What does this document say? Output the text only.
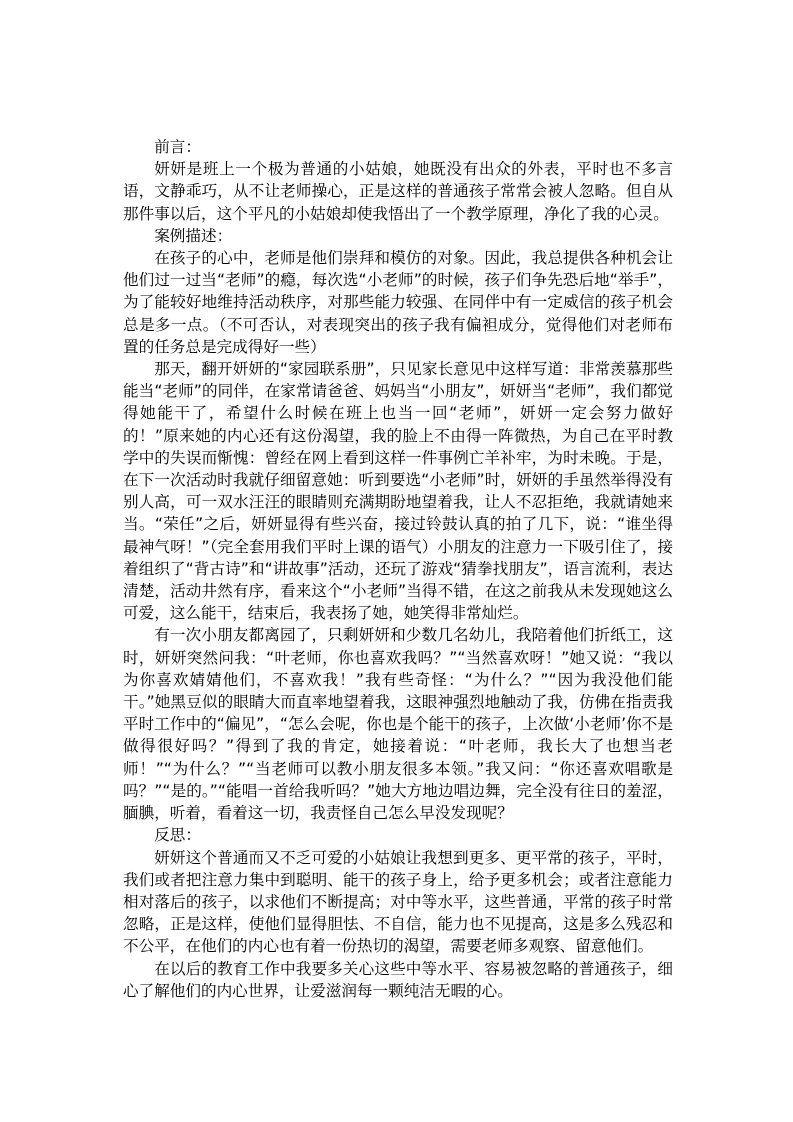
前言：

妍妍是班上一个极为普通的小姑娘，她既没有出众的外表，平时也不多言语，文静乖巧，从不让老师操心，正是这样的普通孩子常常会被人忽略。但自从那件事以后，这个平凡的小姑娘却使我悟出了一个教学原理，净化了我的心灵。

案例描述：

在孩子的心中，老师是他们崇拜和模仿的对象。因此，我总提供各种机会让他们过一过当“老师”的瘾，每次选“小老师”的时候，孩子们争先恐后地“举手”，为了能较好地维持活动秩序，对那些能力较强、在同伴中有一定威信的孩子机会总是多一点。（不可否认，对表现突出的孩子我有偏袒成分，觉得他们对老师布置的任务总是完成得好一些）

那天，翻开妍妍的“家园联系册”，只见家长意见中这样写道：非常羡慕那些能当“老师”的同伴，在家常请爸爸、妈妈当“小朋友”，妍妍当“老师”，我们都觉得她能干了，希望什么时候在班上也当一回“老师”，妍妍一定会努力做好的！”原来她的内心还有这份渴望，我的脸上不由得一阵微热，为自己在平时教学中的失误而惭愧：曾经在网上看到这样一件事例亡羊补牢，为时未晚。于是，在下一次活动时我就仔细留意她：听到要选“小老师”时，妍妍的手虽然举得没有别人高，可一双水汪汪的眼睛则充满期盼地望着我，让人不忍拒绝，我就请她来当。“荣任”之后，妍妍显得有些兴奋，接过铃鼓认真的拍了几下，说：“谁坐得最神气呀！”（完全套用我们平时上课的语气）小朋友的注意力一下吸引住了，接着组织了“背古诗”和“讲故事”活动，还玩了游戏“猜拳找朋友”，语言流利，表达清楚，活动井然有序，看来这个“小老师”当得不错，在这之前我从未发现她这么可爱，这么能干，结束后，我表扬了她，她笑得非常灿烂。

有一次小朋友都离园了，只剩妍妍和少数几名幼儿，我陪着他们折纸工，这时，妍妍突然问我：“叶老师，你也喜欢我吗？”“当然喜欢呀！”她又说：“我以为你喜欢婧婧他们，不喜欢我！”我有些奇怪：“为什么？”“因为我没他们能干。”她黑豆似的眼睛大而直率地望着我，这眼神强烈地触动了我，仿佛在指责我平时工作中的“偏见”，“怎么会呢，你也是个能干的孩子，上次做‘小老师’你不是做得很好吗？”得到了我的肯定，她接着说：“叶老师，我长大了也想当老师！”“为什么？”“当老师可以教小朋友很多本领。”我又问：“你还喜欢唱歌是吗？”“是的。”“能唱一首给我听吗？”她大方地边唱边舞，完全没有往日的羞涩，腼腆，听着，看着这一切，我责怪自己怎么早没发现呢？

反思：

妍妍这个普通而又不乏可爱的小姑娘让我想到更多、更平常的孩子，平时，我们或者把注意力集中到聪明、能干的孩子身上，给予更多机会；或者注意能力相对落后的孩子，以求他们不断提高；对中等水平，这些普通，平常的孩子时常忽略，正是这样，使他们显得胆怯、不自信，能力也不见提高，这是多么残忍和不公平，在他们的内心也有着一份热切的渴望，需要老师多观察、留意他们。

在以后的教育工作中我要多关心这些中等水平、容易被忽略的普通孩子，细心了解他们的内心世界，让爱滋润每一颗纯洁无暇的心。
